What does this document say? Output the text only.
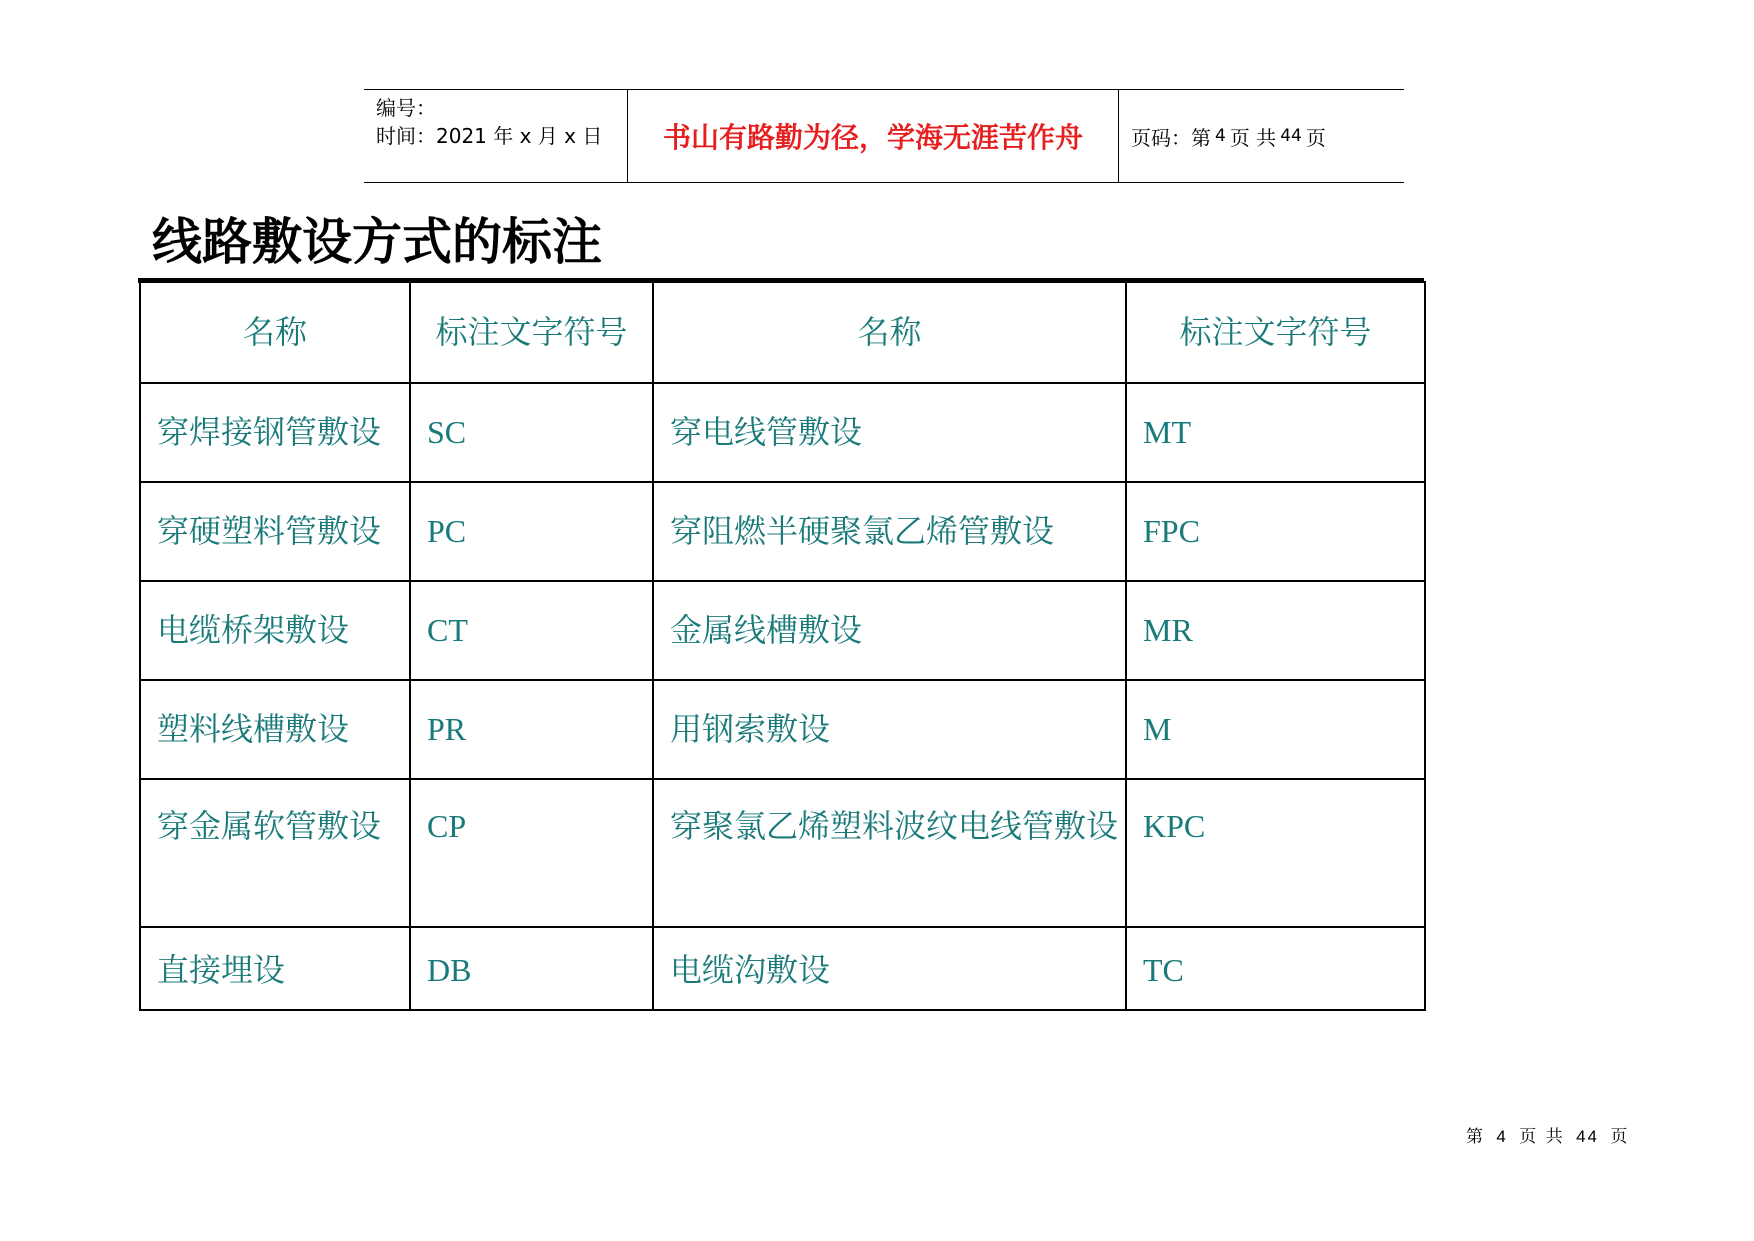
编号：
时间：2021 年 x 月 x 日	书山有路勤为径，学海无涯苦作舟	页码：第 4 页 共 44 页
线路敷设方式的标注
名称	标注文字符号	名称	标注文字符号
穿焊接钢管敷设	SC	穿电线管敷设	MT
穿硬塑料管敷设	PC	穿阻燃半硬聚氯乙烯管敷设	FPC
电缆桥架敷设	CT	金属线槽敷设	MR
塑料线槽敷设	PR	用钢索敷设	M
穿金属软管敷设	CP	穿聚氯乙烯塑料波纹电线管敷设	KPC
直接埋设	DB	电缆沟敷设	TC
第 4 页 共 44 页
